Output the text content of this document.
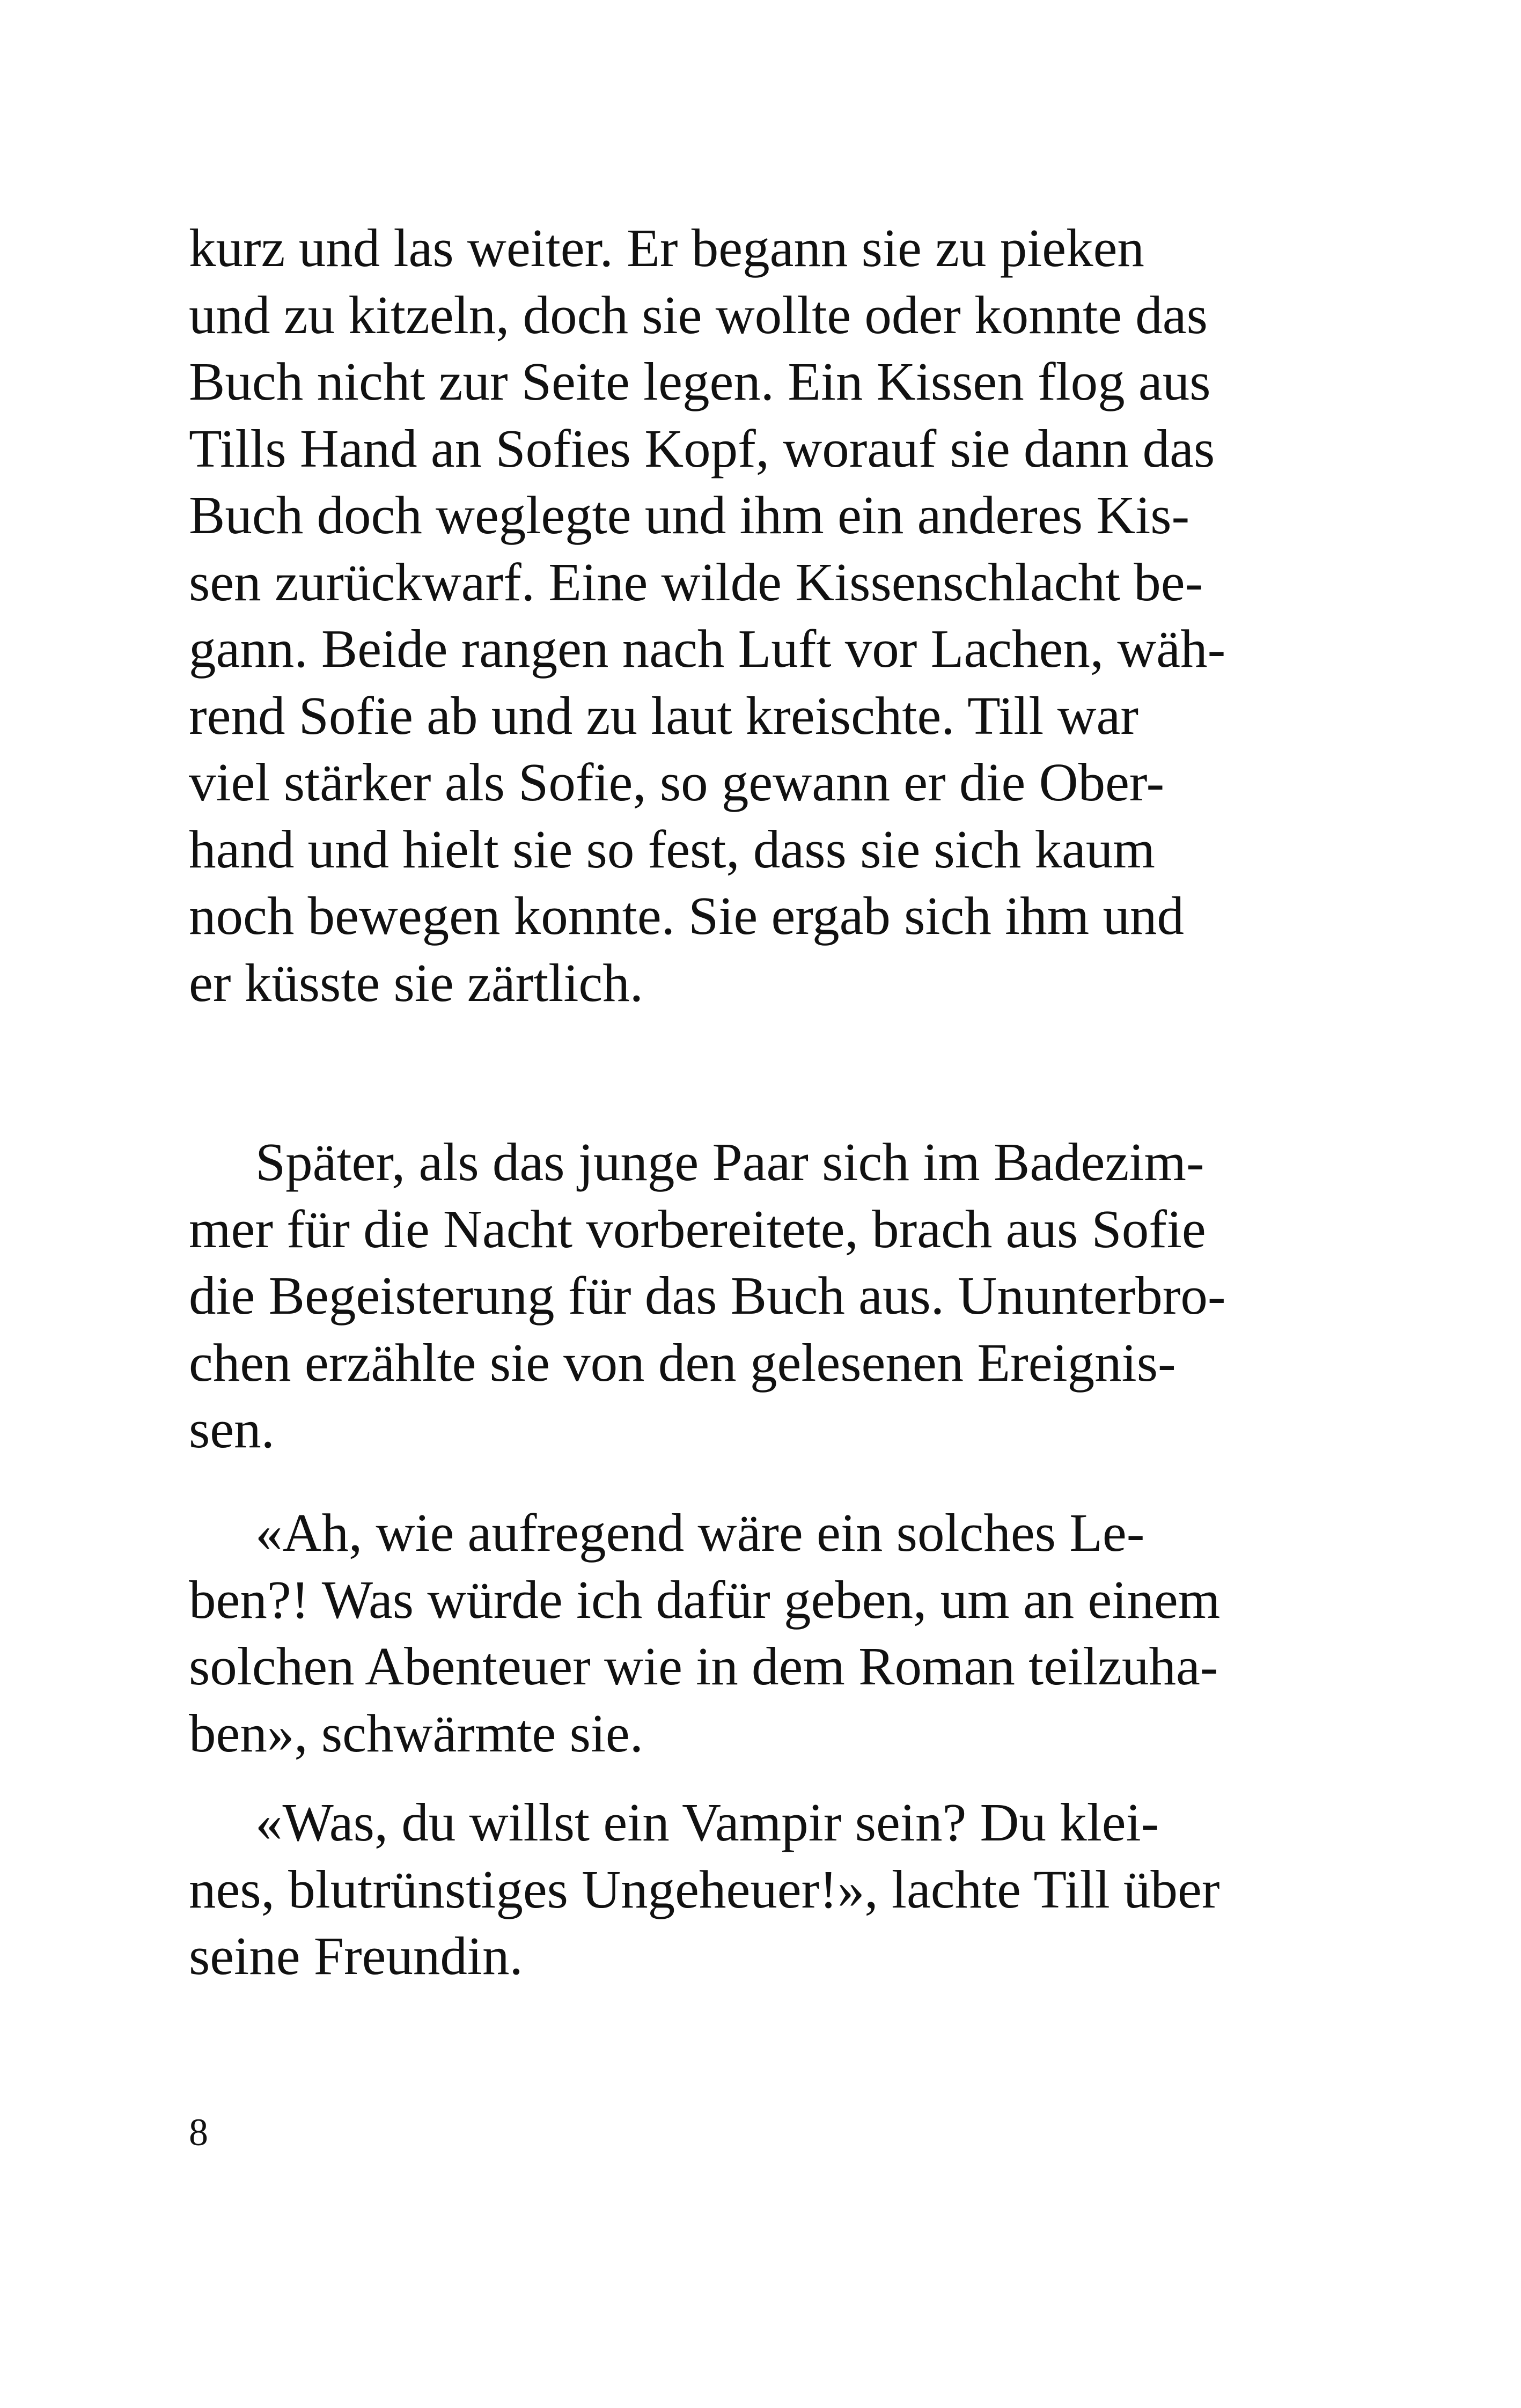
kurz und las weiter. Er begann sie zu pieken
und zu kitzeln, doch sie wollte oder konnte das
Buch nicht zur Seite legen. Ein Kissen flog aus
Tills Hand an Sofies Kopf, worauf sie dann das
Buch doch weglegte und ihm ein anderes Kis-
sen zurückwarf. Eine wilde Kissenschlacht be-
gann. Beide rangen nach Luft vor Lachen, wäh-
rend Sofie ab und zu laut kreischte. Till war
viel stärker als Sofie, so gewann er die Ober-
hand und hielt sie so fest, dass sie sich kaum
noch bewegen konnte. Sie ergab sich ihm und
er küsste sie zärtlich.
Später, als das junge Paar sich im Badezim-
mer für die Nacht vorbereitete, brach aus Sofie
die Begeisterung für das Buch aus. Ununterbro-
chen erzählte sie von den gelesenen Ereignis-
sen.
«Ah, wie aufregend wäre ein solches Le-
ben?! Was würde ich dafür geben, um an einem
solchen Abenteuer wie in dem Roman teilzuha-
ben», schwärmte sie.
«Was, du willst ein Vampir sein? Du klei-
nes, blutrünstiges Ungeheuer!», lachte Till über
seine Freundin.
8
